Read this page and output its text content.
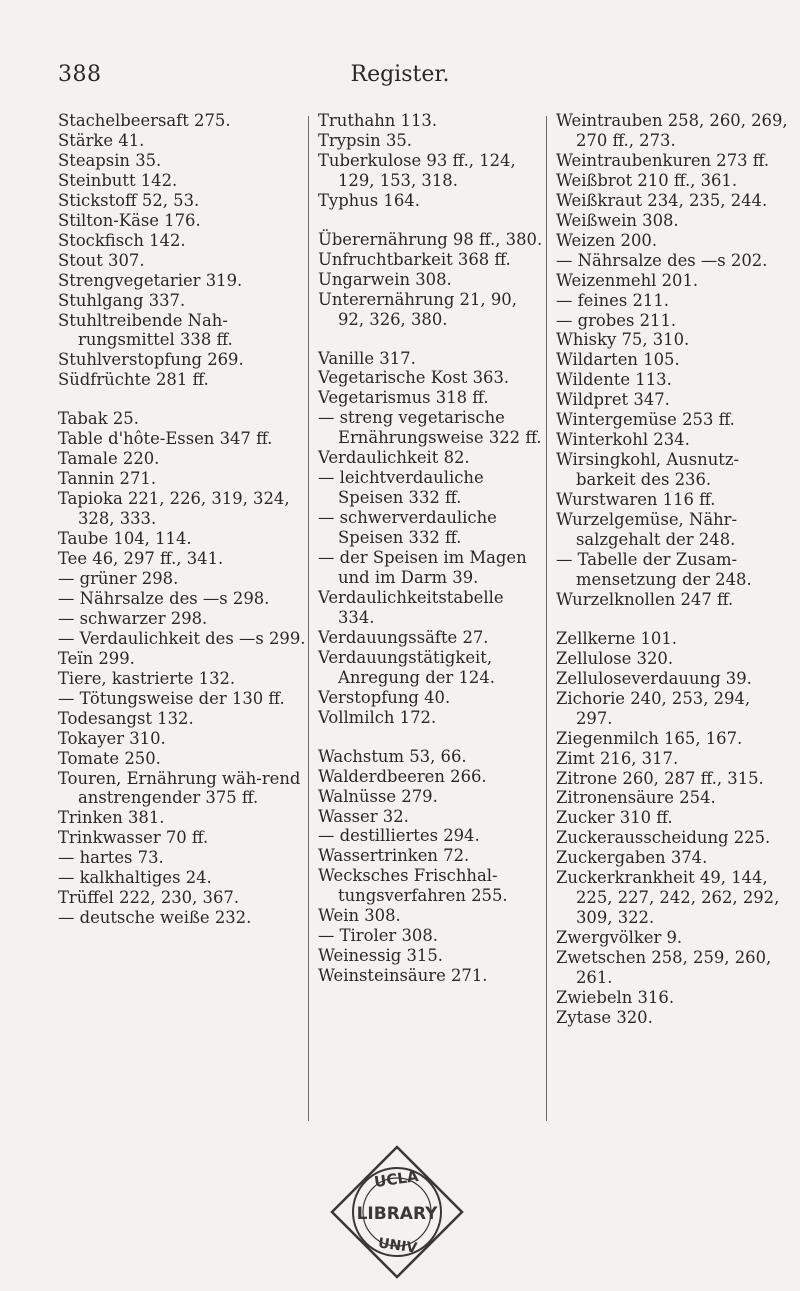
388	Register.
Stachelbeersaft 275.
Stärke 41.
Steapsin 35.
Steinbutt 142.
Stickstoff 52, 53.
Stilton-Käse 176.
Stockfisch 142.
Stout 307.
Strengvegetarier 319.
Stuhlgang 337.
Stuhltreibende Nah-rungsmittel 338 ff.
Stuhlverstopfung 269.
Südfrüchte 281 ff.
Tabak 25.
Table d'hôte-Essen 347 ff.
Tamale 220.
Tannin 271.
Tapioka 221, 226, 319, 324, 328, 333.
Taube 104, 114.
Tee 46, 297 ff., 341.
— grüner 298.
— Nährsalze des —s 298.
— schwarzer 298.
— Verdaulichkeit des —s 299.
Teïn 299.
Tiere, kastrierte 132.
— Tötungsweise der 130 ff.
Todesangst 132.
Tokayer 310.
Tomate 250.
Touren, Ernährung wäh-rend anstrengender 375 ff.
Trinken 381.
Trinkwasser 70 ff.
— hartes 73.
— kalkhaltiges 24.
Trüffel 222, 230, 367.
— deutsche weiße 232.
Truthahn 113.
Trypsin 35.
Tuberkulose 93 ff., 124, 129, 153, 318.
Typhus 164.
Überernährung 98 ff., 380.
Unfruchtbarkeit 368 ff.
Ungarwein 308.
Unterernährung 21, 90, 92, 326, 380.
Vanille 317.
Vegetarische Kost 363.
Vegetarismus 318 ff.
— streng vegetarische Ernährungsweise 322 ff.
Verdaulichkeit 82.
— leichtverdauliche Speisen 332 ff.
— schwerverdauliche Speisen 332 ff.
— der Speisen im Magen und im Darm 39.
Verdaulichkeitstabelle 334.
Verdauungssäfte 27.
Verdauungstätigkeit, Anregung der 124.
Verstopfung 40.
Vollmilch 172.
Wachstum 53, 66.
Walderdbeeren 266.
Walnüsse 279.
Wasser 32.
— destilliertes 294.
Wassertrinken 72.
Wecksches Frischhal-tungsverfahren 255.
Wein 308.
— Tiroler 308.
Weinessig 315.
Weinsteinsäure 271.
Weintrauben 258, 260, 269, 270 ff., 273.
Weintraubenkuren 273 ff.
Weißbrot 210 ff., 361.
Weißkraut 234, 235, 244.
Weißwein 308.
Weizen 200.
— Nährsalze des —s 202.
Weizenmehl 201.
— feines 211.
— grobes 211.
Whisky 75, 310.
Wildarten 105.
Wildente 113.
Wildpret 347.
Wintergemüse 253 ff.
Winterkohl 234.
Wirsingkohl, Ausnutz-barkeit des 236.
Wurstwaren 116 ff.
Wurzelgemüse, Nähr-salzgehalt der 248.
— Tabelle der Zusam-mensetzung der 248.
Wurzelknollen 247 ff.
Zellkerne 101.
Zellulose 320.
Zelluloseverdauung 39.
Zichorie 240, 253, 294, 297.
Ziegenmilch 165, 167.
Zimt 216, 317.
Zitrone 260, 287 ff., 315.
Zitronensäure 254.
Zucker 310 ff.
Zuckerausscheidung 225.
Zuckergaben 374.
Zuckerkrankheit 49, 144, 225, 227, 242, 262, 292, 309, 322.
Zwergvölker 9.
Zwetschen 258, 259, 260, 261.
Zwiebeln 316.
Zytase 320.
UCLA
LIBRARY
UNIV
